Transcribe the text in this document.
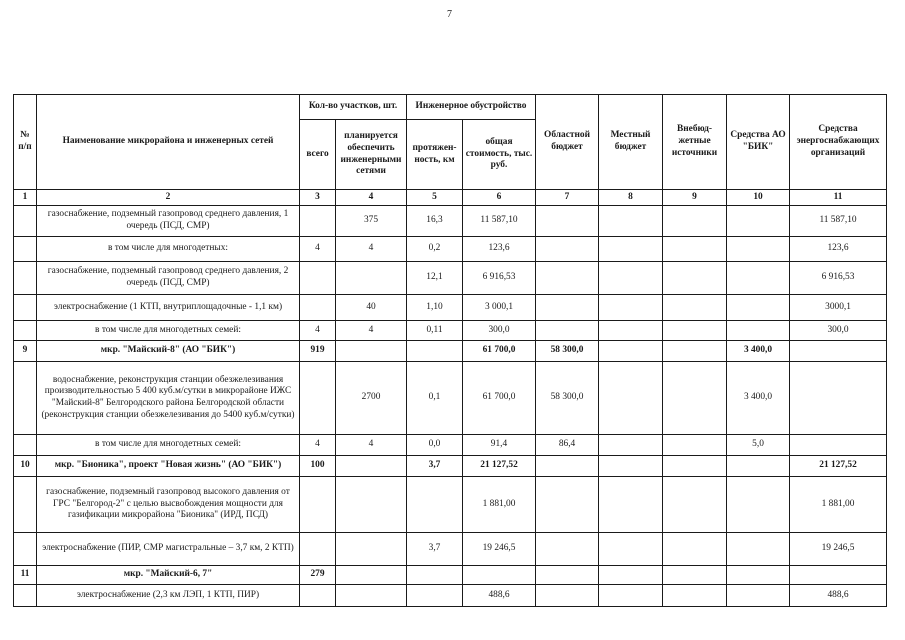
7
№ п/п	Наименование микрорайона и инженерных сетей	Кол-во участков, шт.		Инженерное обустройство		Областной бюджет	Местный бюджет	Внебюд-жетные источники	Средства АО "БИК"	Средства энергоснабжающих организаций
		всего	планируется обеспечить инженерными сетями	протяжен-ность, км	общая стоимость, тыс. руб.					
1	2	3	4	5	6	7	8	9	10	11
	газоснабжение, подземный газопровод среднего давления, 1 очередь (ПСД, СМР)		375	16,3	11 587,10					11 587,10
	в том числе для многодетных:	4	4	0,2	123,6					123,6
	газоснабжение, подземный газопровод среднего давления, 2 очередь (ПСД, СМР)			12,1	6 916,53					6 916,53
	электроснабжение (1 КТП, внутриплощадочные - 1,1 км)		40	1,10	3 000,1					3000,1
	в том числе для многодетных семей:	4	4	0,11	300,0					300,0
9	мкр. "Майский-8" (АО "БИК")	919			61 700,0	58 300,0			3 400,0	
	водоснабжение, реконструкция станции обезжелезивания производительностью 5 400 куб.м/сутки в микрорайоне ИЖС "Майский-8" Белгородского района Белгородской области (реконструкция станции обезжелезивания до 5400 куб.м/сутки)		2700	0,1	61 700,0	58 300,0			3 400,0	
	в том числе для многодетных семей:	4	4	0,0	91,4	86,4			5,0	
10	мкр. "Бионика", проект "Новая жизнь" (АО "БИК")	100		3,7	21 127,52					21 127,52
	газоснабжение, подземный газопровод высокого давления от ГРС "Белгород-2" с целью высвобождения мощности для газификации микрорайона "Бионика" (ИРД, ПСД)				1 881,00					1 881,00
	электроснабжение (ПИР, СМР магистральные – 3,7 км, 2 КТП)			3,7	19 246,5					19 246,5
11	мкр. "Майский-6, 7"	279								
	электроснабжение (2,3 км ЛЭП, 1 КТП, ПИР)				488,6					488,6
